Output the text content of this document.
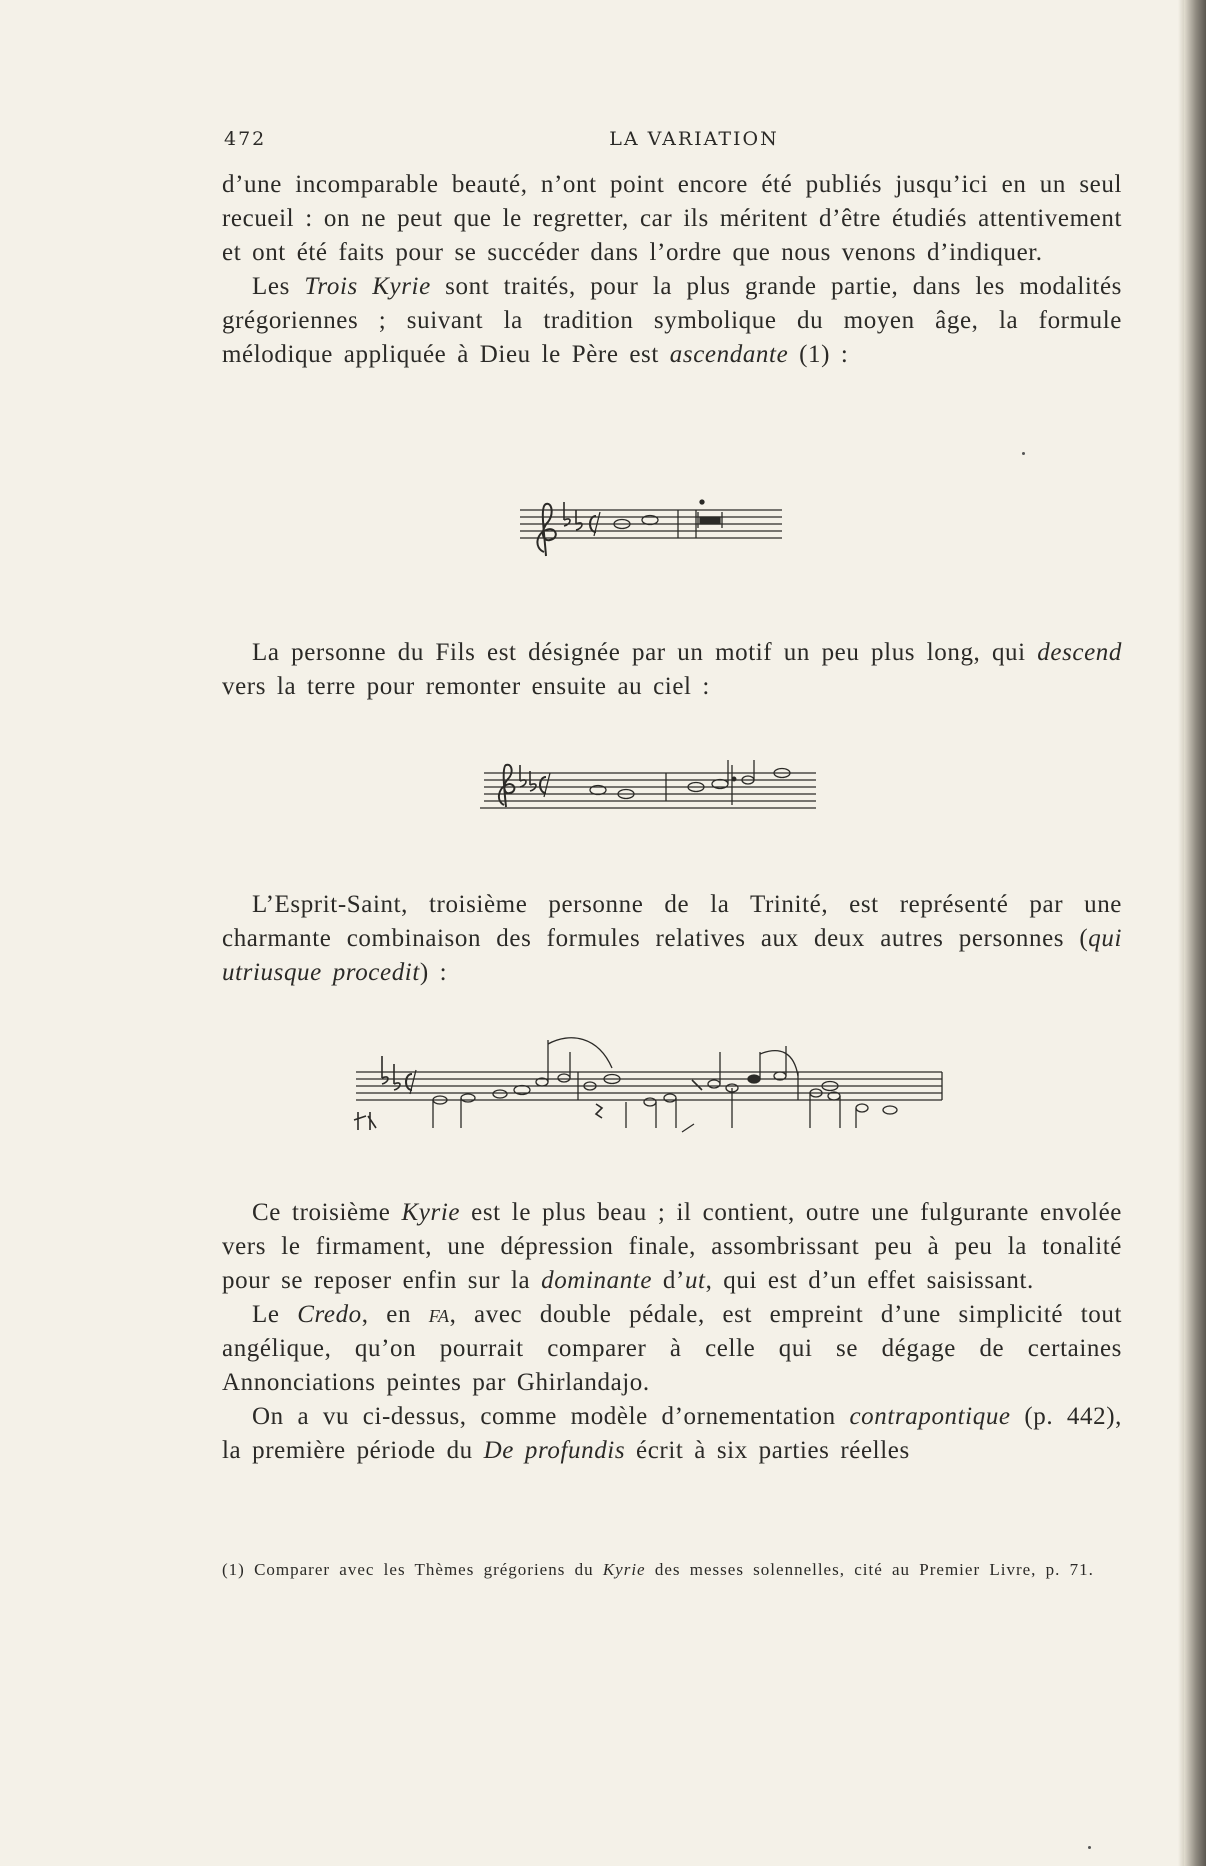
472	LA VARIATION

d’une incomparable beauté, n’ont point encore été publiés jusqu’ici en un seul recueil : on ne peut que le regretter, car ils méritent d’être étudiés attentivement et ont été faits pour se succéder dans l’ordre que nous venons d’indiquer.

Les Trois Kyrie sont traités, pour la plus grande partie, dans les modalités grégoriennes ; suivant la tradition symbolique du moyen âge, la formule mélodique appliquée à Dieu le Père est ascendante (1) :

La personne du Fils est désignée par un motif un peu plus long, qui descend vers la terre pour remonter ensuite au ciel :

L’Esprit-Saint, troisième personne de la Trinité, est représenté par une charmante combinaison des formules relatives aux deux autres personnes (qui utriusque procedit) :

Ce troisième Kyrie est le plus beau ; il contient, outre une fulgurante envolée vers le firmament, une dépression finale, assombrissant peu à peu la tonalité pour se reposer enfin sur la dominante d’ut, qui est d’un effet saisissant.

Le Credo, en fa, avec double pédale, est empreint d’une simplicité tout angélique, qu’on pourrait comparer à celle qui se dégage de certaines Annonciations peintes par Ghirlandajo.

On a vu ci-dessus, comme modèle d’ornementation contrapontique (p. 442), la première période du De profundis écrit à six parties réelles

(1) Comparer avec les Thèmes grégoriens du Kyrie des messes solennelles, cité au Premier Livre, p. 71.
